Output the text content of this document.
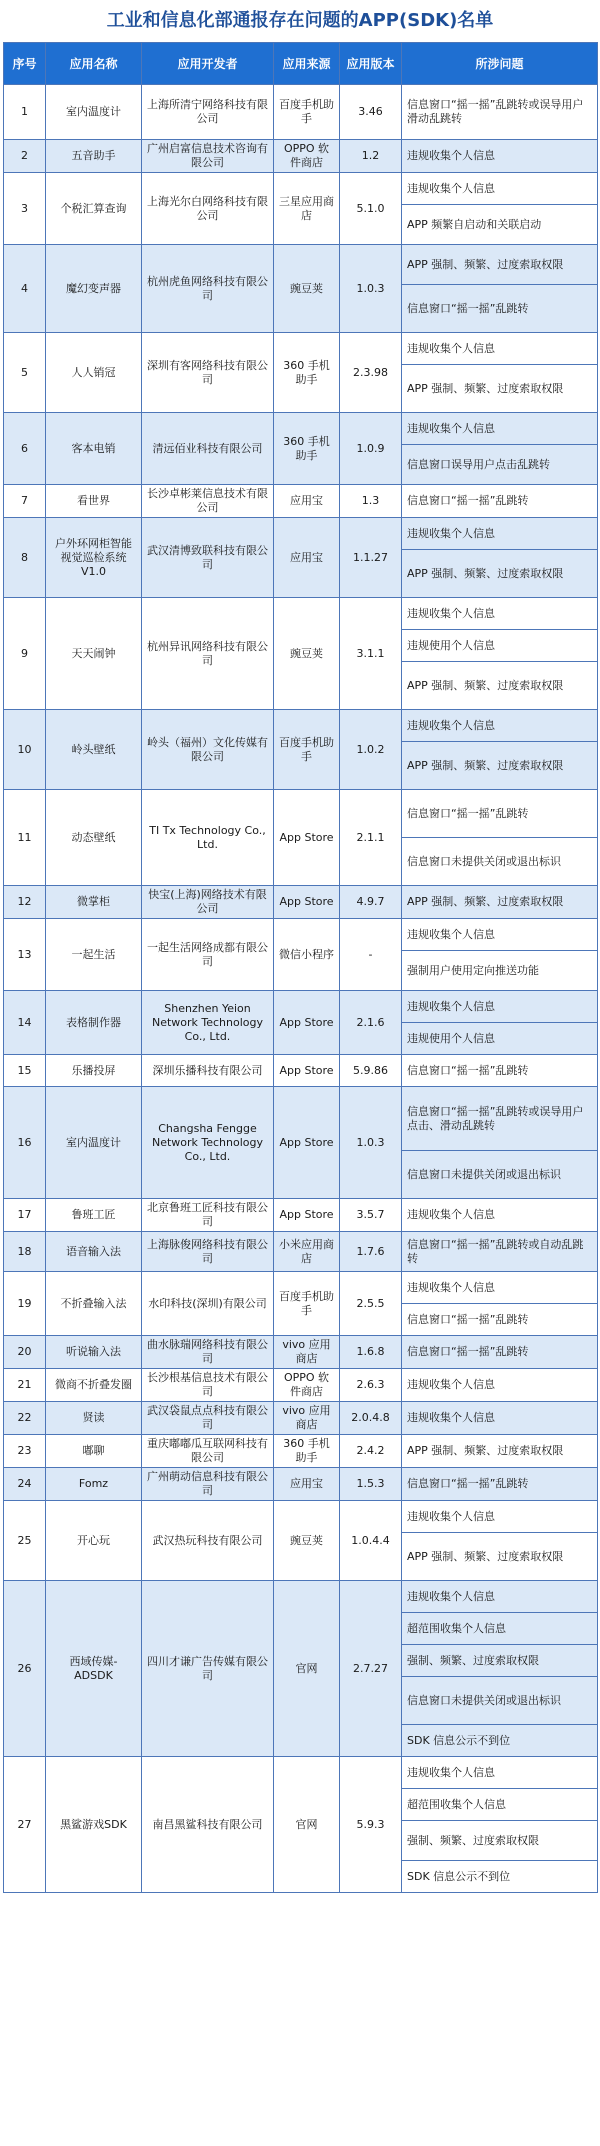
工业和信息化部通报存在问题的APP(SDK)名单
序号	应用名称	应用开发者	应用来源	应用版本	所涉问题
1	室内温度计	上海所清宁网络科技有限公司	百度手机助手	3.46	信息窗口“摇一摇”乱跳转或误导用户滑动乱跳转
2	五音助手	广州启富信息技术咨询有限公司	OPPO 软件商店	1.2	违规收集个人信息
3	个税汇算查询	上海光尔白网络科技有限公司	三星应用商店	5.1.0	违规收集个人信息
					APP 频繁自启动和关联启动
4	魔幻变声器	杭州虎鱼网络科技有限公司	豌豆荚	1.0.3	APP 强制、频繁、过度索取权限
					信息窗口“摇一摇”乱跳转
5	人人销冠	深圳有客网络科技有限公司	360 手机助手	2.3.98	违规收集个人信息
					APP 强制、频繁、过度索取权限
6	客本电销	清远佰业科技有限公司	360 手机助手	1.0.9	违规收集个人信息
					信息窗口误导用户点击乱跳转
7	看世界	长沙卓彬莱信息技术有限公司	应用宝	1.3	信息窗口“摇一摇”乱跳转
8	户外环网柜智能视觉巡检系统 V1.0	武汉清博致联科技有限公司	应用宝	1.1.27	违规收集个人信息
					APP 强制、频繁、过度索取权限
9	天天闹钟	杭州异讯网络科技有限公司	豌豆荚	3.1.1	违规收集个人信息
					违规使用个人信息
					APP 强制、频繁、过度索取权限
10	岭头壁纸	岭头（福州）文化传媒有限公司	百度手机助手	1.0.2	违规收集个人信息
					APP 强制、频繁、过度索取权限
11	动态壁纸	TI Tx Technology Co., Ltd.	App Store	2.1.1	信息窗口“摇一摇”乱跳转
					信息窗口未提供关闭或退出标识
12	微掌柜	快宝(上海)网络技术有限公司	App Store	4.9.7	APP 强制、频繁、过度索取权限
13	一起生活	一起生活网络成都有限公司	微信小程序	-	违规收集个人信息
					强制用户使用定向推送功能
14	表格制作器	Shenzhen Yeion Network Technology Co., Ltd.	App Store	2.1.6	违规收集个人信息
					违规使用个人信息
15	乐播投屏	深圳乐播科技有限公司	App Store	5.9.86	信息窗口“摇一摇”乱跳转
16	室内温度计	Changsha Fengge Network Technology Co., Ltd.	App Store	1.0.3	信息窗口“摇一摇”乱跳转或误导用户点击、滑动乱跳转
					信息窗口未提供关闭或退出标识
17	鲁班工匠	北京鲁班工匠科技有限公司	App Store	3.5.7	违规收集个人信息
18	语音输入法	上海脉俊网络科技有限公司	小米应用商店	1.7.6	信息窗口“摇一摇”乱跳转或自动乱跳转
19	不折叠输入法	水印科技(深圳)有限公司	百度手机助手	2.5.5	违规收集个人信息
					信息窗口“摇一摇”乱跳转
20	听说输入法	曲水脉瑞网络科技有限公司	vivo 应用商店	1.6.8	信息窗口“摇一摇”乱跳转
21	微商不折叠发圈	长沙根基信息技术有限公司	OPPO 软件商店	2.6.3	违规收集个人信息
22	贤读	武汉袋鼠点点科技有限公司	vivo 应用商店	2.0.4.8	违规收集个人信息
23	嘟聊	重庆嘟嘟瓜互联网科技有限公司	360 手机助手	2.4.2	APP 强制、频繁、过度索取权限
24	Fomz	广州萌动信息科技有限公司	应用宝	1.5.3	信息窗口“摇一摇”乱跳转
25	开心玩	武汉热玩科技有限公司	豌豆荚	1.0.4.4	违规收集个人信息
					APP 强制、频繁、过度索取权限
26	西域传媒-ADSDK	四川才谦广告传媒有限公司	官网	2.7.27	违规收集个人信息
					超范围收集个人信息
					强制、频繁、过度索取权限
					信息窗口未提供关闭或退出标识
					SDK 信息公示不到位
27	黑鲨游戏SDK	南昌黑鲨科技有限公司	官网	5.9.3	违规收集个人信息
					超范围收集个人信息
					强制、频繁、过度索取权限
					SDK 信息公示不到位
